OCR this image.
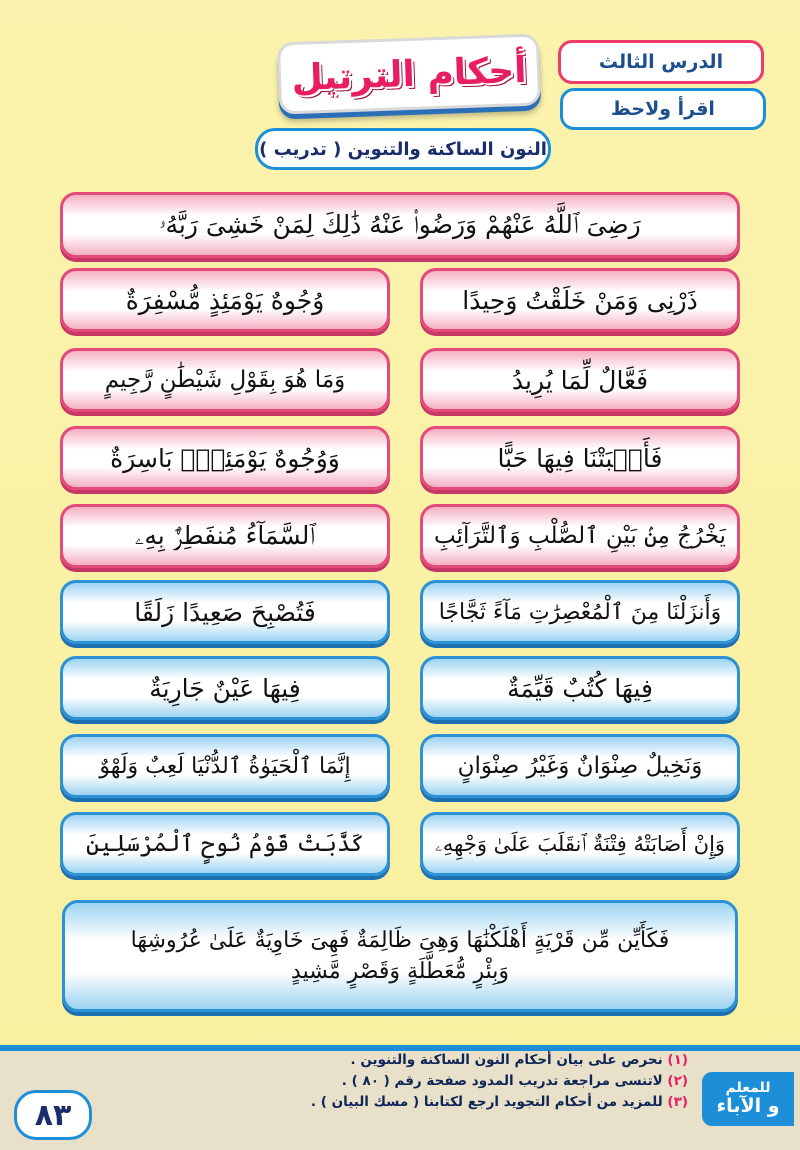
الدرس الثالث
اقرأ ولاحظ
أحكام الترتيل
النون الساكنة والتنوين ( تدريب )
رَضِىَ ٱللَّهُ عَنْهُمْ وَرَضُوا۟ عَنْهُ ذَٰلِكَ لِمَنْ خَشِىَ رَبَّهُۥ
ذَرْنِى وَمَنْ خَلَقْتُ وَحِيدًا
فَعَّالٌ لِّمَا يُرِيدُ
فَأَنۢبَتْنَا فِيهَا حَبًّا
يَخْرُجُ مِنۢ بَيْنِ ٱلصُّلْبِ وَٱلتَّرَآئِبِ
وَأَنزَلْنَا مِنَ ٱلْمُعْصِرَٰتِ مَآءً ثَجَّاجًا
فِيهَا كُتُبٌ قَيِّمَةٌ
وَنَخِيلٌ صِنْوَانٌ وَغَيْرُ صِنْوَانٍ
وَإِنْ أَصَابَتْهُ فِتْنَةٌ ٱنقَلَبَ عَلَىٰ وَجْهِهِۦ
وُجُوهٌ يَوْمَئِذٍ مُّسْفِرَةٌ
وَمَا هُوَ بِقَوْلِ شَيْطَٰنٍ رَّجِيمٍ
وَوُجُوهٌ يَوْمَئِذٍۭ بَاسِرَةٌ
ٱلسَّمَآءُ مُنفَطِرٌۢ بِهِۦ
فَتُصْبِحَ صَعِيدًا زَلَقًا
فِيهَا عَيْنٌ جَارِيَةٌ
إِنَّمَا ٱلْحَيَوٰةُ ٱلدُّنْيَا لَعِبٌ وَلَهْوٌ
كَذَّبَتْ قَوْمُ نُوحٍ ٱلْمُرْسَلِينَ
فَكَأَيِّن مِّن قَرْيَةٍ أَهْلَكْنَٰهَا وَهِىَ ظَالِمَةٌ فَهِىَ خَاوِيَةٌ عَلَىٰ عُرُوشِهَا
وَبِئْرٍ مُّعَطَّلَةٍ وَقَصْرٍ مَّشِيدٍ
للمعلم
و الآباء
(١) نحرص على بيان أحكام النون الساكنة والتنوين .
(٢) لاتنسى مراجعة تدريب المدود صفحة رقم ( ٨٠ ) .
(٣) للمزيد من أحكام التجويد ارجع لكتابنا ( مسك البيان ) .
٨٣
